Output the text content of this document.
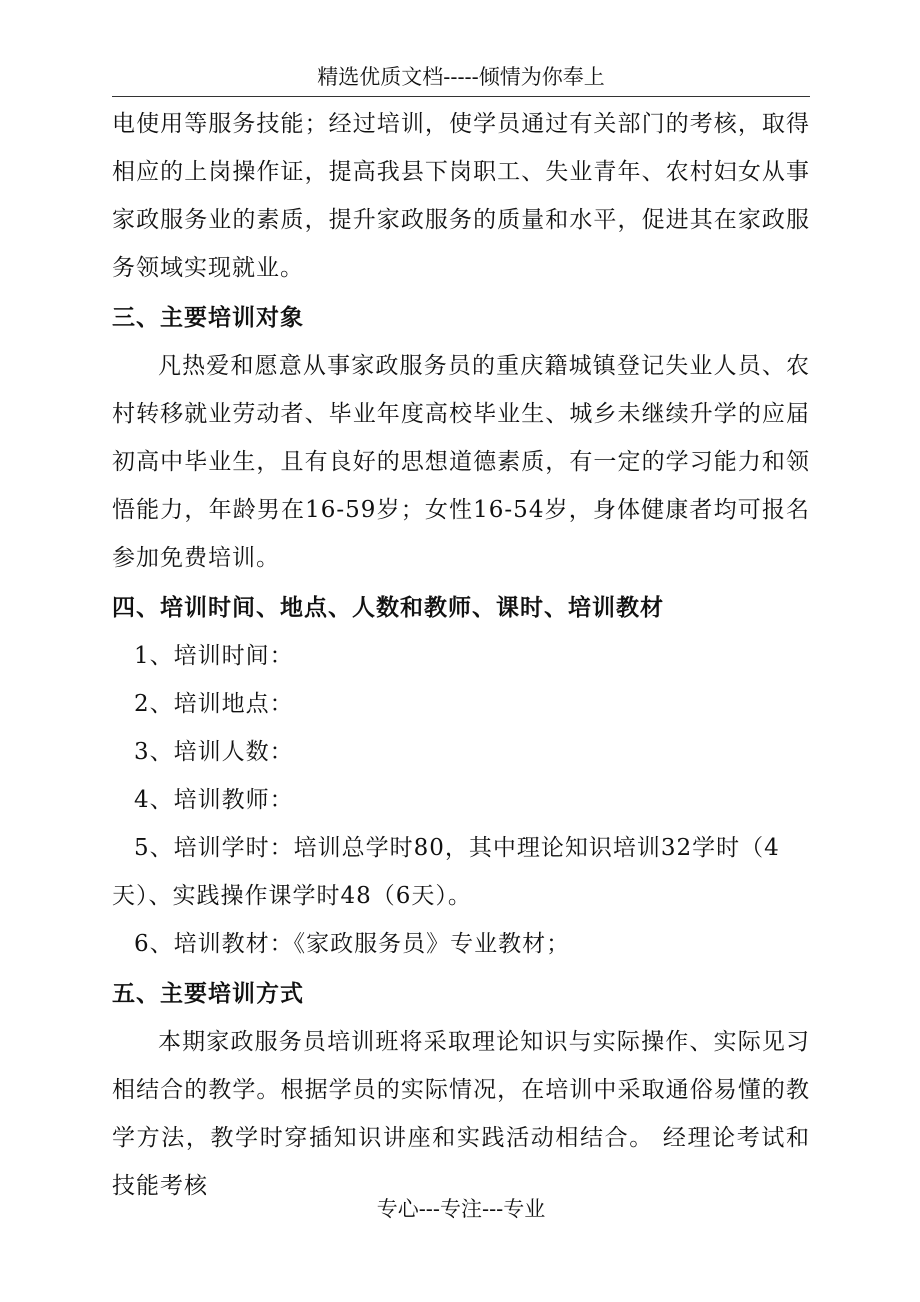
精选优质文档-----倾情为你奉上

电使用等服务技能；经过培训，使学员通过有关部门的考核，取得相应的上岗操作证，提高我县下岗职工、失业青年、农村妇女从事家政服务业的素质，提升家政服务的质量和水平，促进其在家政服务领域实现就业。

三、主要培训对象

凡热爱和愿意从事家政服务员的重庆籍城镇登记失业人员、农村转移就业劳动者、毕业年度高校毕业生、城乡未继续升学的应届初高中毕业生，且有良好的思想道德素质，有一定的学习能力和领悟能力，年龄男在16-59岁；女性16-54岁，身体健康者均可报名参加免费培训。

四、培训时间、地点、人数和教师、课时、培训教材

1、培训时间：

2、培训地点：

3、培训人数：

4、培训教师：

5、培训学时：培训总学时80，其中理论知识培训32学时（4天）、实践操作课学时48（6天）。

6、培训教材：《家政服务员》专业教材；

五、主要培训方式

本期家政服务员培训班将采取理论知识与实际操作、实际见习相结合的教学。根据学员的实际情况，在培训中采取通俗易懂的教学方法，教学时穿插知识讲座和实践活动相结合。 经理论考试和技能考核

专心---专注---专业
